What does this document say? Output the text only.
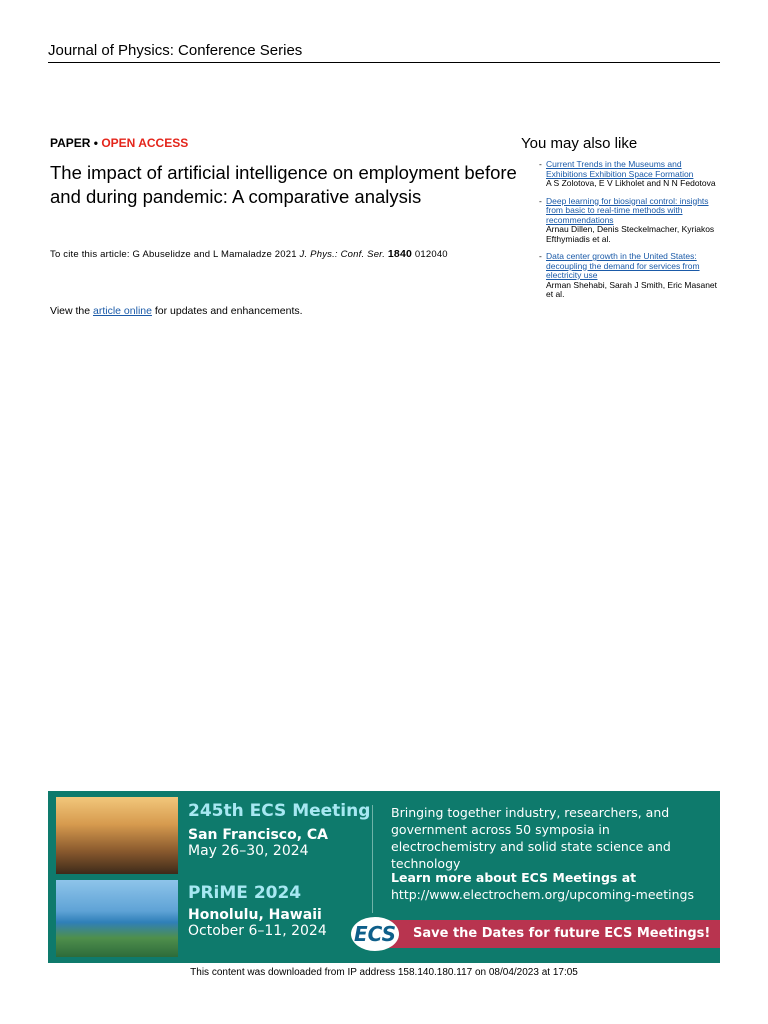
Journal of Physics: Conference Series
PAPER • OPEN ACCESS
The impact of artificial intelligence on employment before and during pandemic: A comparative analysis
To cite this article: G Abuselidze and L Mamaladze 2021 J. Phys.: Conf. Ser. 1840 012040
View the article online for updates and enhancements.
You may also like
- Current Trends in the Museums and Exhibitions Exhibition Space Formation
A S Zolotova, E V Likholet and N N Fedotova
- Deep learning for biosignal control: insights from basic to real-time methods with recommendations
Arnau Dillen, Denis Steckelmacher, Kyriakos Efthymiadis et al.
- Data center growth in the United States: decoupling the demand for services from electricity use
Arman Shehabi, Sarah J Smith, Eric Masanet et al.
245th ECS Meeting
San Francisco, CA
May 26–30, 2024
PRiME 2024
Honolulu, Hawaii
October 6–11, 2024
Bringing together industry, researchers, and government across 50 symposia in electrochemistry and solid state science and technology
Learn more about ECS Meetings at
http://www.electrochem.org/upcoming-meetings
Save the Dates for future ECS Meetings!
ECS
This content was downloaded from IP address 158.140.180.117 on 08/04/2023 at 17:05
